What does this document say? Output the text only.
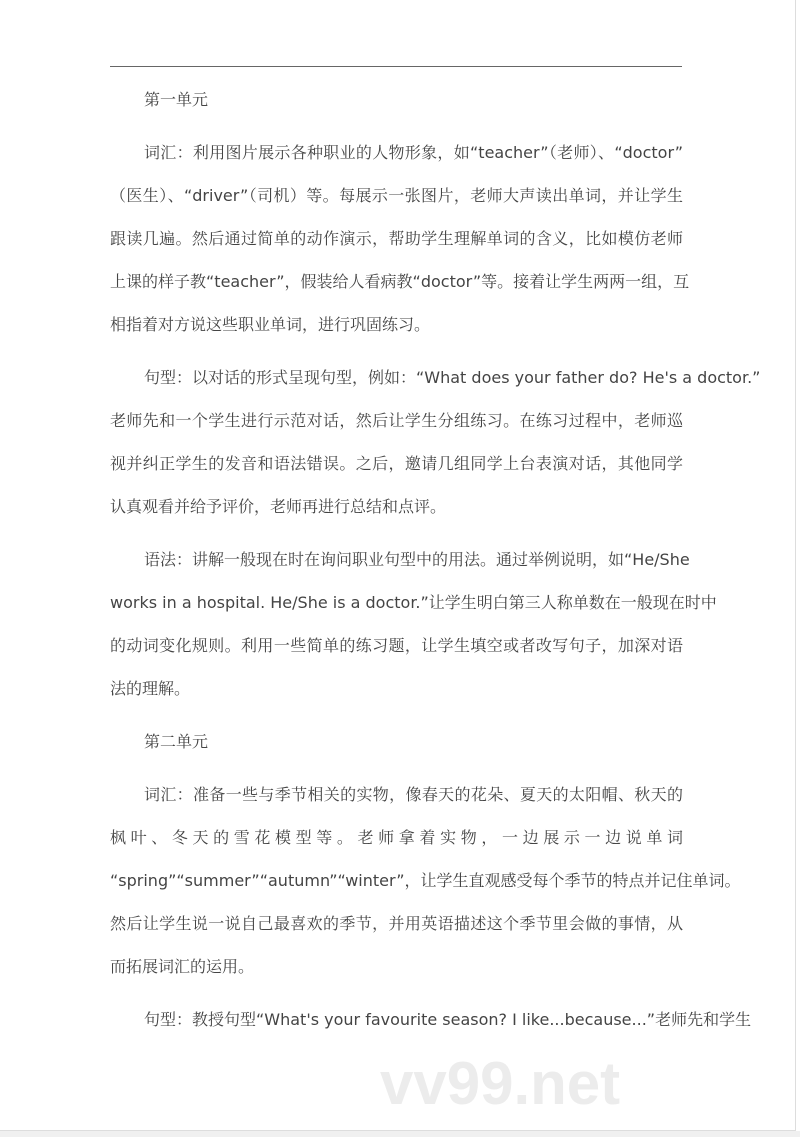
vv99.net
第一单元
词汇：利用图片展示各种职业的人物形象，如“teacher”（老师）、“doctor”
（医生）、“driver”（司机）等。每展示一张图片，老师大声读出单词，并让学生
跟读几遍。然后通过简单的动作演示，帮助学生理解单词的含义，比如模仿老师
上课的样子教“teacher”，假装给人看病教“doctor”等。接着让学生两两一组，互
相指着对方说这些职业单词，进行巩固练习。
句型：以对话的形式呈现句型，例如：“What does your father do? He's a doctor.”
老师先和一个学生进行示范对话，然后让学生分组练习。在练习过程中，老师巡
视并纠正学生的发音和语法错误。之后，邀请几组同学上台表演对话，其他同学
认真观看并给予评价，老师再进行总结和点评。
语法：讲解一般现在时在询问职业句型中的用法。通过举例说明，如“He/She
works in a hospital. He/She is a doctor.”让学生明白第三人称单数在一般现在时中
的动词变化规则。利用一些简单的练习题，让学生填空或者改写句子，加深对语
法的理解。
第二单元
词汇：准备一些与季节相关的实物，像春天的花朵、夏天的太阳帽、秋天的
枫叶、冬天的雪花模型等。老师拿着实物，一边展示一边说单词
“spring”“summer”“autumn”“winter”，让学生直观感受每个季节的特点并记住单词。
然后让学生说一说自己最喜欢的季节，并用英语描述这个季节里会做的事情，从
而拓展词汇的运用。
句型：教授句型“What's your favourite season? I like...because...”老师先和学生
